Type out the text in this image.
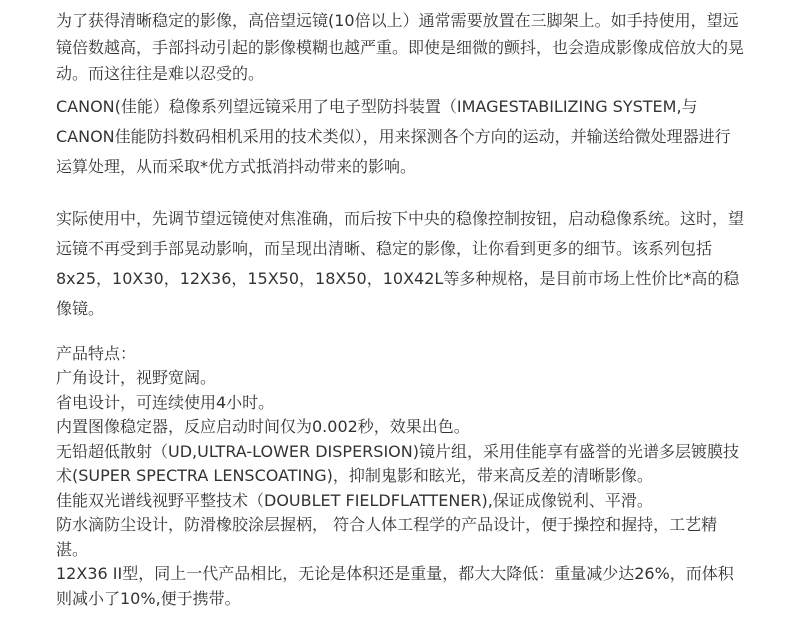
为了获得清晰稳定的影像，高倍望远镜(10倍以上）通常需要放置在三脚架上。如手持使用，望远镜倍数越高，手部抖动引起的影像模糊也越严重。即使是细微的颤抖，也会造成影像成倍放大的晃动。而这往往是难以忍受的。

CANON(佳能）稳像系列望远镜采用了电子型防抖装置（IMAGESTABILIZING SYSTEM,与CANON佳能防抖数码相机采用的技术类似），用来探测各个方向的运动，并输送给微处理器进行运算处理，从而采取*优方式抵消抖动带来的影响。

实际使用中，先调节望远镜使对焦准确，而后按下中央的稳像控制按钮，启动稳像系统。这时，望远镜不再受到手部晃动影响，而呈现出清晰、稳定的影像，让你看到更多的细节。该系列包括8x25，10X30，12X36，15X50，18X50，10X42L等多种规格，是目前市场上性价比*高的稳像镜。

产品特点：

广角设计，视野宽阔。

省电设计，可连续使用4小时。

内置图像稳定器，反应启动时间仅为0.002秒，效果出色。

无铅超低散射（UD,ULTRA-LOWER DISPERSION)镜片组，采用佳能享有盛誉的光谱多层镀膜技术(SUPER SPECTRA LENSCOATING)，抑制鬼影和眩光，带来高反差的清晰影像。

佳能双光谱线视野平整技术（DOUBLET FIELDFLATTENER),保证成像锐利、平滑。

防水滴防尘设计，防滑橡胶涂层握柄， 符合人体工程学的产品设计，便于操控和握持，工艺精湛。

12X36 II型，同上一代产品相比，无论是体积还是重量，都大大降低：重量减少达26%，而体积则减小了10%,便于携带。
